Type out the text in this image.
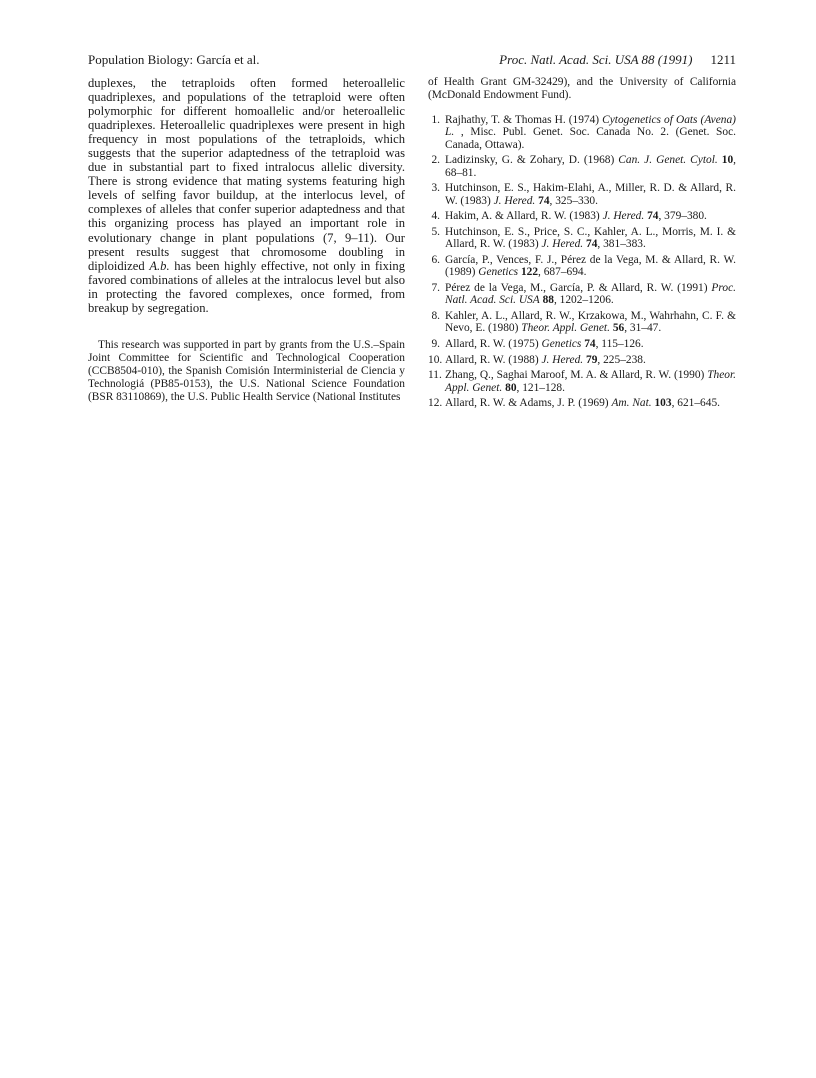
Population Biology: García et al.	Proc. Natl. Acad. Sci. USA 88 (1991) 1211

duplexes, the tetraploids often formed heteroallelic quadriplexes, and populations of the tetraploid were often polymorphic for different homoallelic and/or heteroallelic quadriplexes. Heteroallelic quadriplexes were present in high frequency in most populations of the tetraploids, which suggests that the superior adaptedness of the tetraploid was due in substantial part to fixed intralocus allelic diversity. There is strong evidence that mating systems featuring high levels of selfing favor buildup, at the interlocus level, of complexes of alleles that confer superior adaptedness and that this organizing process has played an important role in evolutionary change in plant populations (7, 9–11). Our present results suggest that chromosome doubling in diploidized A.b. has been highly effective, not only in fixing favored combinations of alleles at the intralocus level but also in protecting the favored complexes, once formed, from breakup by segregation.

This research was supported in part by grants from the U.S.–Spain Joint Committee for Scientific and Technological Cooperation (CCB8504-010), the Spanish Comisión Interministerial de Ciencia y Technologiá (PB85-0153), the U.S. National Science Foundation (BSR 83110869), the U.S. Public Health Service (National Institutes

of Health Grant GM-32429), and the University of California (McDonald Endowment Fund).

1. Rajhathy, T. & Thomas H. (1974) Cytogenetics of Oats (Avena) L. , Misc. Publ. Genet. Soc. Canada No. 2. (Genet. Soc. Canada, Ottawa).
2. Ladizinsky, G. & Zohary, D. (1968) Can. J. Genet. Cytol. 10, 68–81.
3. Hutchinson, E. S., Hakim-Elahi, A., Miller, R. D. & Allard, R. W. (1983) J. Hered. 74, 325–330.
4. Hakim, A. & Allard, R. W. (1983) J. Hered. 74, 379–380.
5. Hutchinson, E. S., Price, S. C., Kahler, A. L., Morris, M. I. & Allard, R. W. (1983) J. Hered. 74, 381–383.
6. García, P., Vences, F. J., Pérez de la Vega, M. & Allard, R. W. (1989) Genetics 122, 687–694.
7. Pérez de la Vega, M., García, P. & Allard, R. W. (1991) Proc. Natl. Acad. Sci. USA 88, 1202–1206.
8. Kahler, A. L., Allard, R. W., Krzakowa, M., Wahrhahn, C. F. & Nevo, E. (1980) Theor. Appl. Genet. 56, 31–47.
9. Allard, R. W. (1975) Genetics 74, 115–126.
10. Allard, R. W. (1988) J. Hered. 79, 225–238.
11. Zhang, Q., Saghai Maroof, M. A. & Allard, R. W. (1990) Theor. Appl. Genet. 80, 121–128.
12. Allard, R. W. & Adams, J. P. (1969) Am. Nat. 103, 621–645.
